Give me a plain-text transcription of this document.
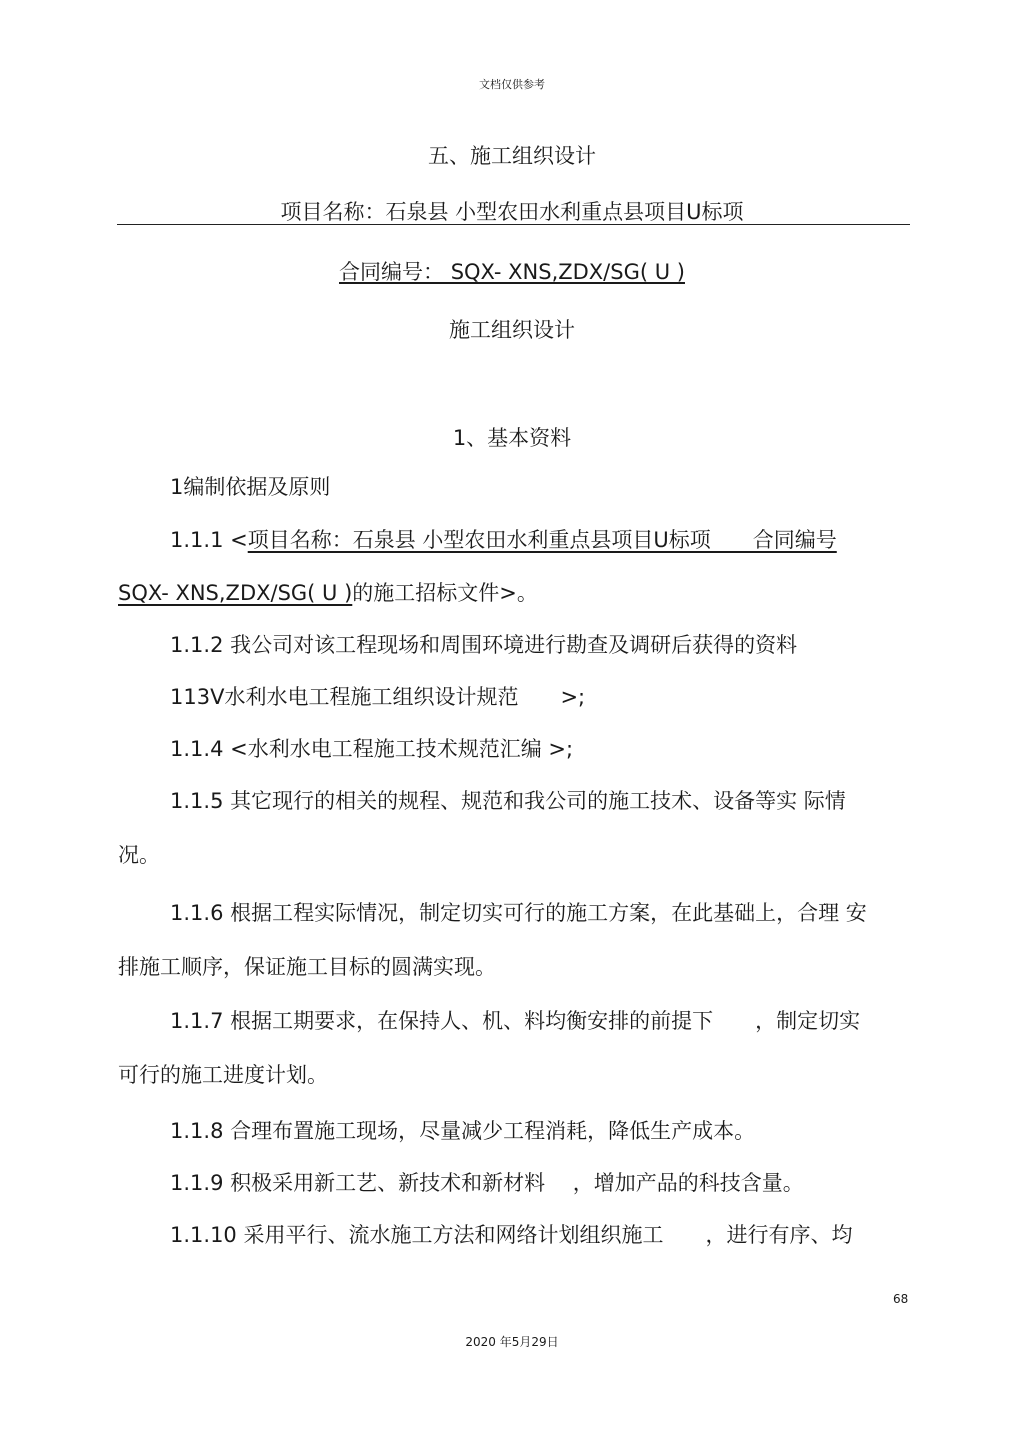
文档仅供参考
五、施工组织设计
项目名称：石泉县 小型农田水利重点县项目U标项
合同编号： SQX- XNS,ZDX/SG( U )
施工组织设计
1、基本资料
1编制依据及原则
1.1.1 <项目名称：石泉县 小型农田水利重点县项目U标项　　合同编号
SQX- XNS,ZDX/SG( U )的施工招标文件>。
1.1.2 我公司对该工程现场和周围环境进行勘查及调研后获得的资料
113V水利水电工程施工组织设计规范　　>;
1.1.4 <水利水电工程施工技术规范汇编 >;
1.1.5 其它现行的相关的规程、规范和我公司的施工技术、设备等实 际情
况。
1.1.6 根据工程实际情况，制定切实可行的施工方案，在此基础上，合理 安
排施工顺序，保证施工目标的圆满实现。
1.1.7 根据工期要求，在保持人、机、料均衡安排的前提下　　，制定切实
可行的施工进度计划。
1.1.8 合理布置施工现场，尽量减少工程消耗，降低生产成本。
1.1.9 积极采用新工艺、新技术和新材料　 ，增加产品的科技含量。
1.1.10 采用平行、流水施工方法和网络计划组织施工　　，进行有序、均
68
2020 年5月29日
